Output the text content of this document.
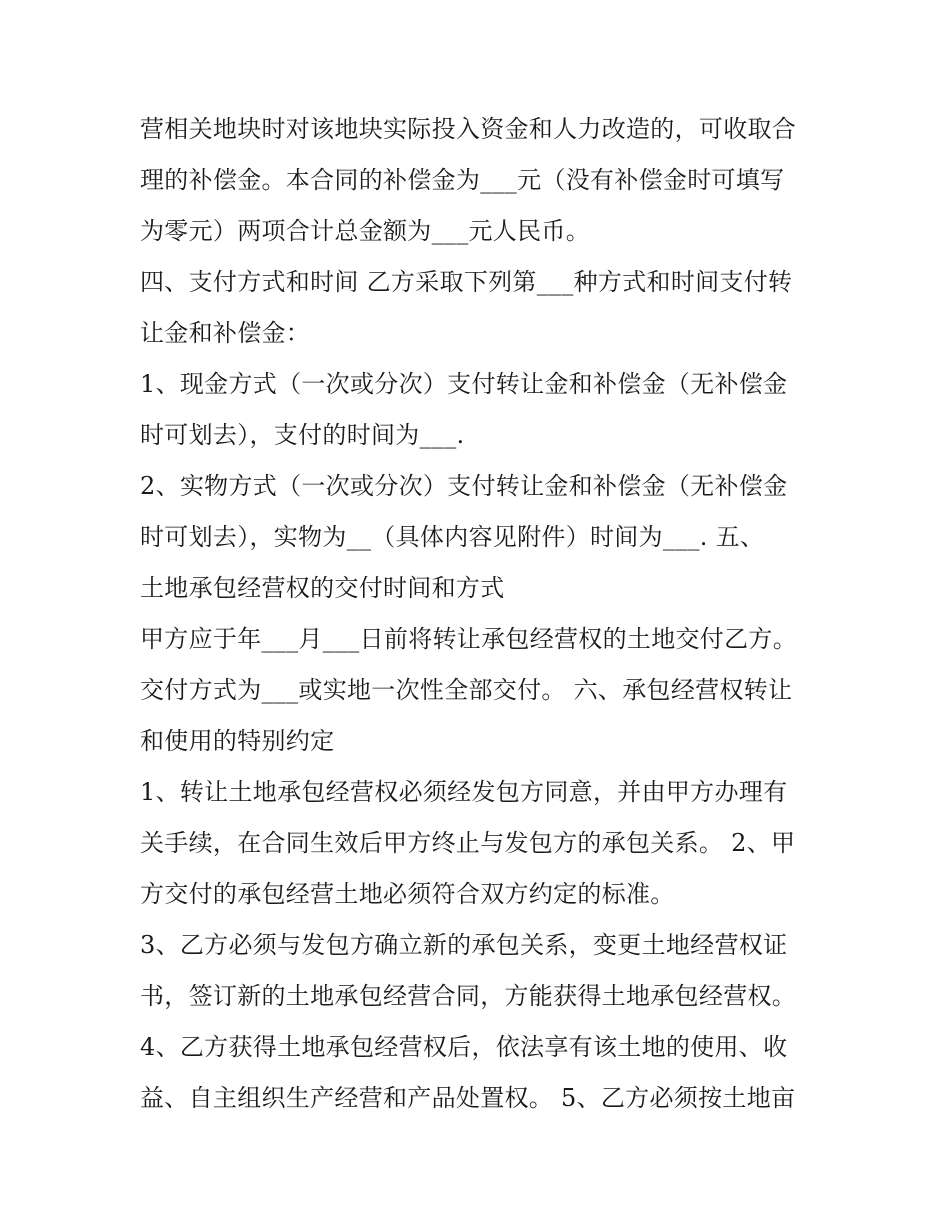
营相关地块时对该地块实际投入资金和人力改造的，可收取合
理的补偿金。本合同的补偿金为___元（没有补偿金时可填写
为零元）两项合计总金额为___元人民币。
四、支付方式和时间 乙方采取下列第___种方式和时间支付转
让金和补偿金：
1、现金方式（一次或分次）支付转让金和补偿金（无补偿金
时可划去），支付的时间为___.
2、实物方式（一次或分次）支付转让金和补偿金（无补偿金
时可划去），实物为__（具体内容见附件）时间为___. 五、
土地承包经营权的交付时间和方式
甲方应于年___月___日前将转让承包经营权的土地交付乙方。
交付方式为___或实地一次性全部交付。 六、承包经营权转让
和使用的特别约定
1、转让土地承包经营权必须经发包方同意，并由甲方办理有
关手续，在合同生效后甲方终止与发包方的承包关系。 2、甲
方交付的承包经营土地必须符合双方约定的标准。
3、乙方必须与发包方确立新的承包关系，变更土地经营权证
书，签订新的土地承包经营合同，方能获得土地承包经营权。
4、乙方获得土地承包经营权后，依法享有该土地的使用、收
益、自主组织生产经营和产品处置权。 5、乙方必须按土地亩
